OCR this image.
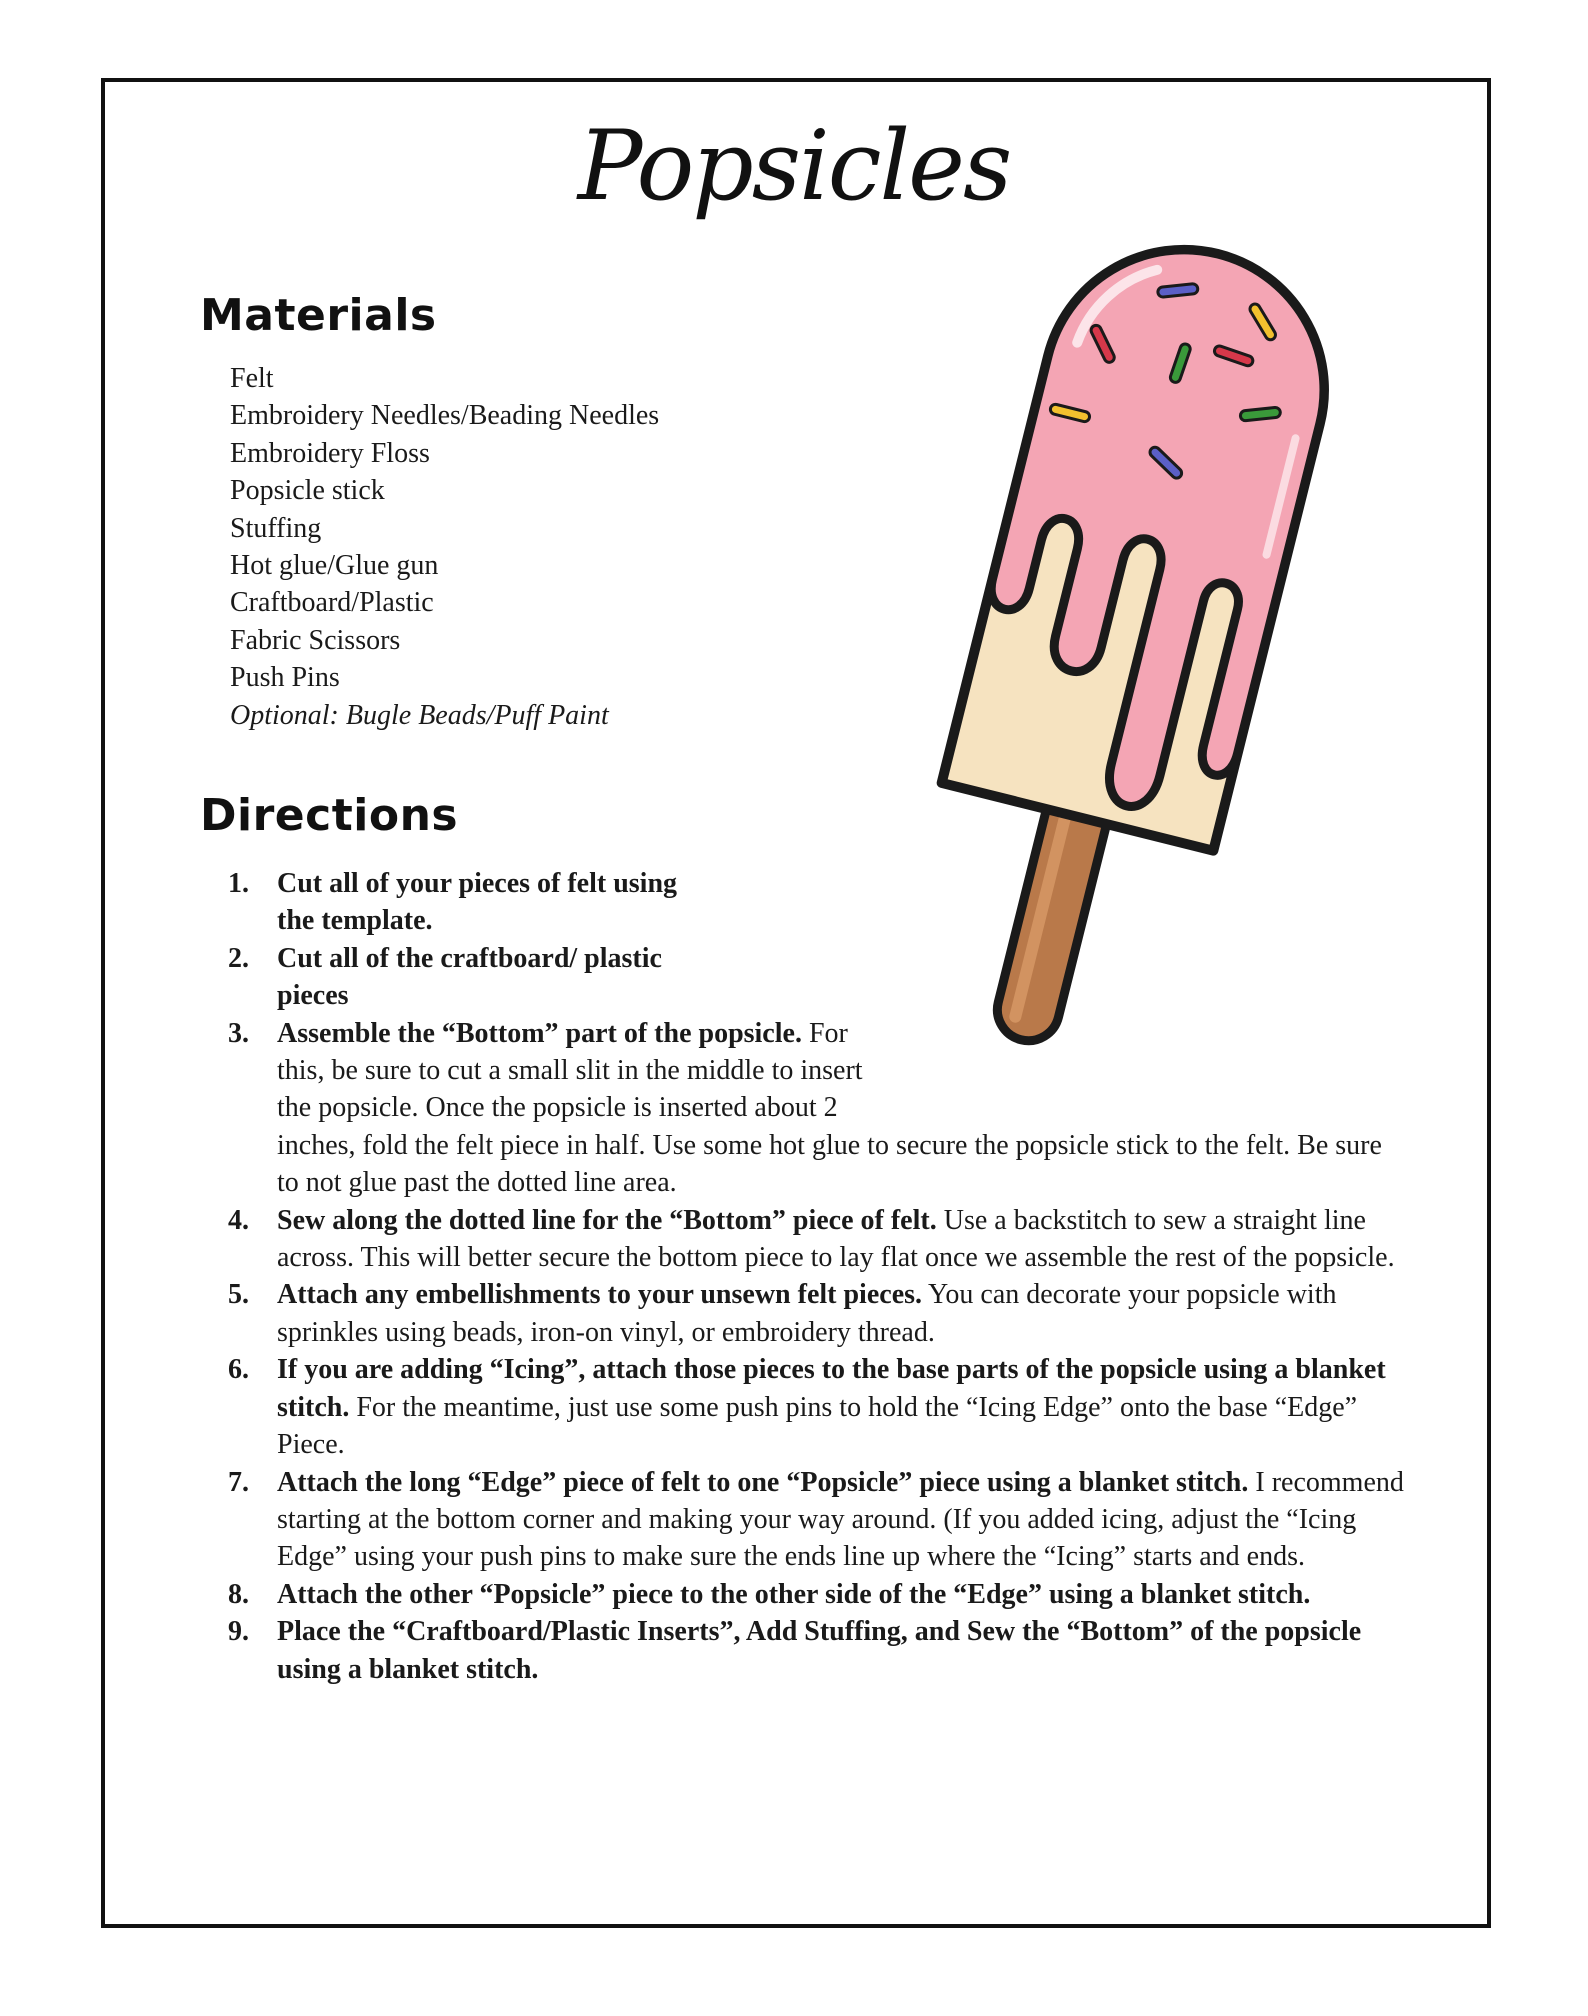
Popsicles
Materials
Felt
Embroidery Needles/Beading Needles
Embroidery Floss
Popsicle stick
Stuffing
Hot glue/Glue gun
Craftboard/Plastic
Fabric Scissors
Push Pins
Optional: Bugle Beads/Puff Paint
Directions
1. Cut all of your pieces of felt using the template.
2. Cut all of the craftboard/ plastic pieces
3. Assemble the “Bottom” part of the popsicle. For this, be sure to cut a small slit in the middle to insert the popsicle. Once the popsicle is inserted about 2 inches, fold the felt piece in half. Use some hot glue to secure the popsicle stick to the felt. Be sure to not glue past the dotted line area.
4. Sew along the dotted line for the “Bottom” piece of felt. Use a backstitch to sew a straight line across. This will better secure the bottom piece to lay flat once we assemble the rest of the popsicle.
5. Attach any embellishments to your unsewn felt pieces. You can decorate your popsicle with sprinkles using beads, iron-on vinyl, or embroidery thread.
6. If you are adding “Icing”, attach those pieces to the base parts of the popsicle using a blanket stitch. For the meantime, just use some push pins to hold the “Icing Edge” onto the base “Edge” Piece.
7. Attach the long “Edge” piece of felt to one “Popsicle” piece using a blanket stitch. I recommend starting at the bottom corner and making your way around. (If you added icing, adjust the “Icing Edge” using your push pins to make sure the ends line up where the “Icing” starts and ends.
8. Attach the other “Popsicle” piece to the other side of the “Edge” using a blanket stitch.
9. Place the “Craftboard/Plastic Inserts”, Add Stuffing, and Sew the “Bottom” of the popsicle using a blanket stitch.
